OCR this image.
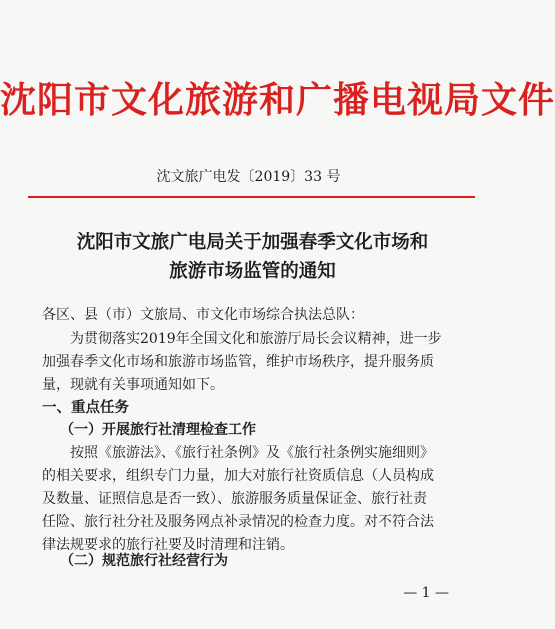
沈阳市文化旅游和广播电视局文件
沈文旅广电发〔2019〕33 号
沈阳市文旅广电局关于加强春季文化市场和
旅游市场监管的通知
各区、县（市）文旅局、市文化市场综合执法总队：
为贯彻落实2019年全国文化和旅游厅局长会议精神，进一步
加强春季文化市场和旅游市场监管，维护市场秩序，提升服务质
量，现就有关事项通知如下。
一、重点任务
（一）开展旅行社清理检查工作
按照《旅游法》、《旅行社条例》及《旅行社条例实施细则》
的相关要求，组织专门力量，加大对旅行社资质信息（人员构成
及数量、证照信息是否一致）、旅游服务质量保证金、旅行社责
任险、旅行社分社及服务网点补录情况的检查力度。对不符合法
律法规要求的旅行社要及时清理和注销。
（二）规范旅行社经营行为
— 1 —
